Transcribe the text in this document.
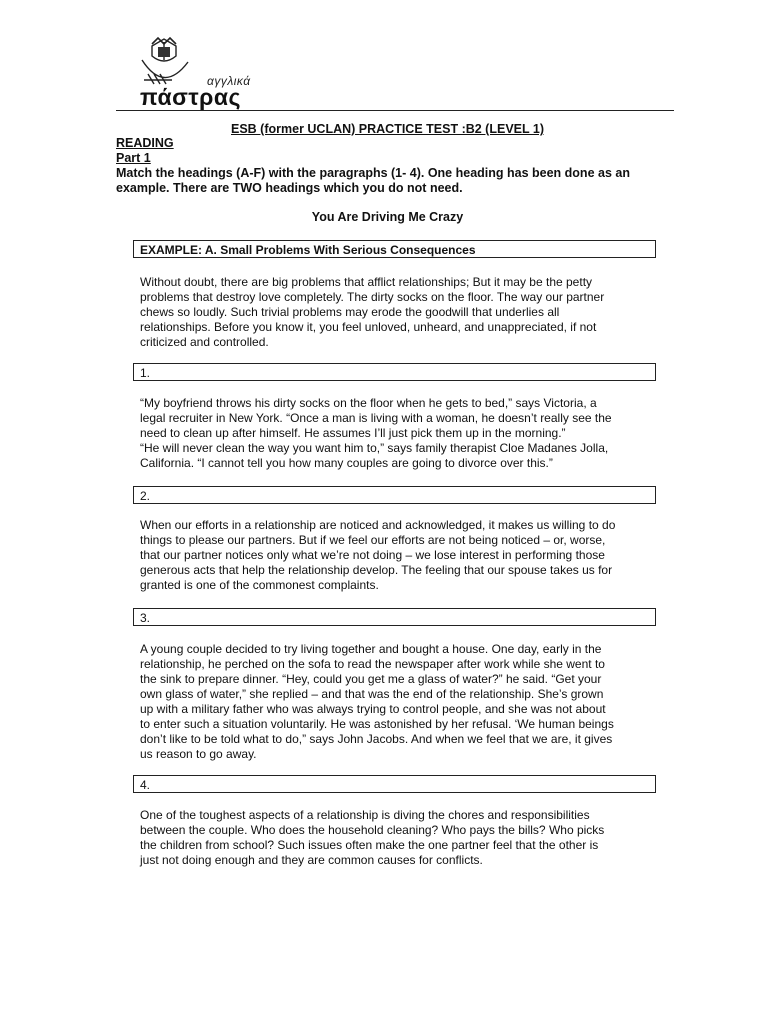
αγγλικά
πάστρας
ESB (former UCLAN) PRACTICE TEST :B2 (LEVEL 1)
READING
Part 1
Match the headings (A-F) with the paragraphs (1- 4). One heading has been done as an
example. There are TWO headings which you do not need.
You Are Driving Me Crazy
EXAMPLE: A. Small Problems With Serious Consequences
Without doubt, there are big problems that afflict relationships; But it may be the petty
problems that destroy love completely. The dirty socks on the floor. The way our partner
chews so loudly. Such trivial problems may erode the goodwill that underlies all
relationships. Before you know it, you feel unloved, unheard, and unappreciated, if not
criticized and controlled.
1.
“My boyfriend throws his dirty socks on the floor when he gets to bed,” says Victoria, a
legal recruiter in New York. “Once a man is living with a woman, he doesn’t really see the
need to clean up after himself. He assumes I’ll just pick them up in the morning.”
“He will never clean the way you want him to,” says family therapist Cloe Madanes Jolla,
California. “I cannot tell you how many couples are going to divorce over this.”
2.
When our efforts in a relationship are noticed and acknowledged, it makes us willing to do
things to please our partners. But if we feel our efforts are not being noticed – or, worse,
that our partner notices only what we’re not doing – we lose interest in performing those
generous acts that help the relationship develop. The feeling that our spouse takes us for
granted is one of the commonest complaints.
3.
A young couple decided to try living together and bought a house. One day, early in the
relationship, he perched on the sofa to read the newspaper after work while she went to
the sink to prepare dinner. “Hey, could you get me a glass of water?” he said. “Get your
own glass of water,” she replied – and that was the end of the relationship. She’s grown
up with a military father who was always trying to control people, and she was not about
to enter such a situation voluntarily. He was astonished by her refusal. ‘We human beings
don’t like to be told what to do,” says John Jacobs. And when we feel that we are, it gives
us reason to go away.
4.
One of the toughest aspects of a relationship is diving the chores and responsibilities
between the couple. Who does the household cleaning? Who pays the bills? Who picks
the children from school? Such issues often make the one partner feel that the other is
just not doing enough and they are common causes for conflicts.
